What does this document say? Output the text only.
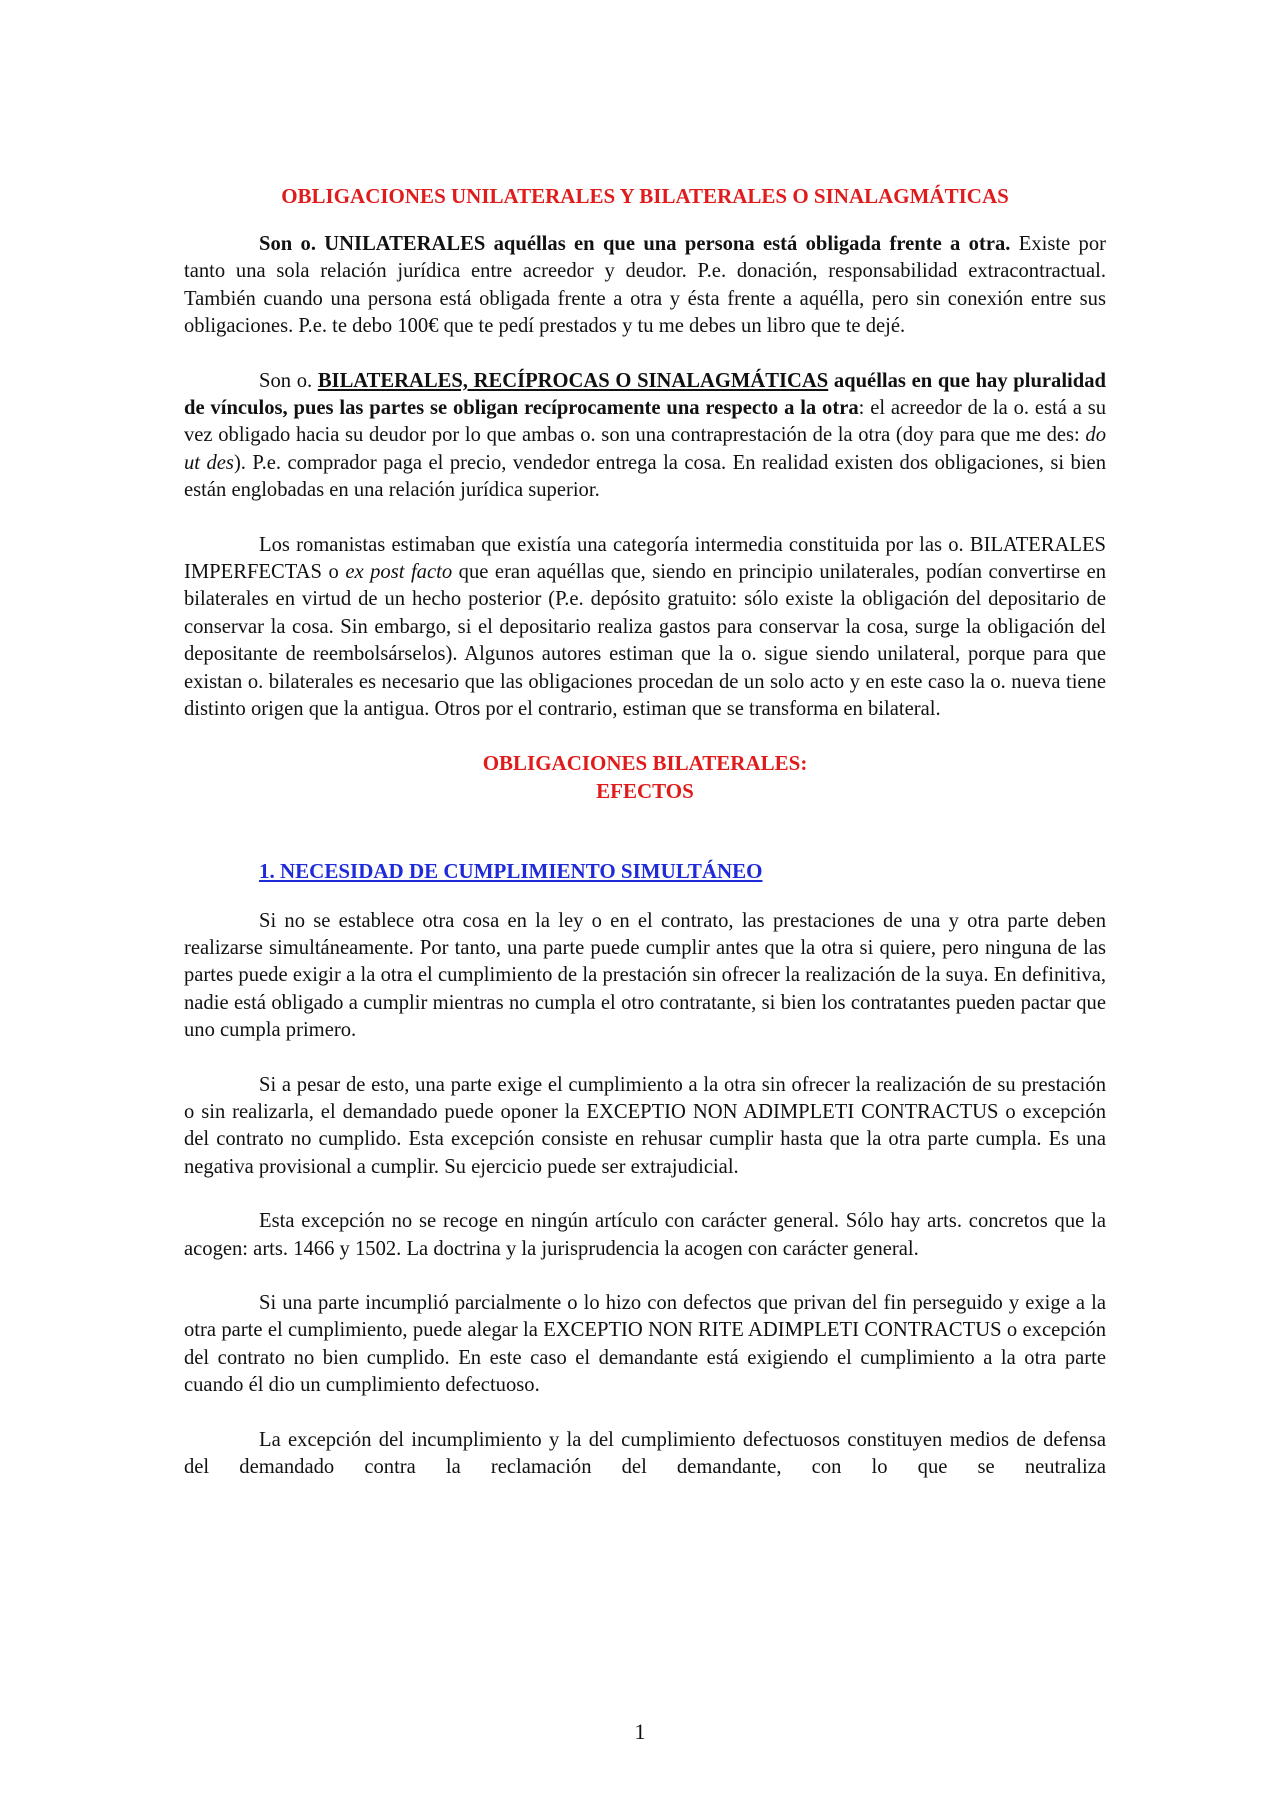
OBLIGACIONES UNILATERALES Y BILATERALES O SINALAGMÁTICAS

Son o. UNILATERALES aquéllas en que una persona está obligada frente a otra. Existe por tanto una sola relación jurídica entre acreedor y deudor. P.e. donación, responsabilidad extracontractual. También cuando una persona está obligada frente a otra y ésta frente a aquélla, pero sin conexión entre sus obligaciones. P.e. te debo 100€ que te pedí prestados y tu me debes un libro que te dejé.

Son o. BILATERALES, RECÍPROCAS O SINALAGMÁTICAS aquéllas en que hay pluralidad de vínculos, pues las partes se obligan recíprocamente una respecto a la otra: el acreedor de la o. está a su vez obligado hacia su deudor por lo que ambas o. son una contraprestación de la otra (doy para que me des: do ut des). P.e. comprador paga el precio, vendedor entrega la cosa. En realidad existen dos obligaciones, si bien están englobadas en una relación jurídica superior.

Los romanistas estimaban que existía una categoría intermedia constituida por las o. BILATERALES IMPERFECTAS o ex post facto que eran aquéllas que, siendo en principio unilaterales, podían convertirse en bilaterales en virtud de un hecho posterior (P.e. depósito gratuito: sólo existe la obligación del depositario de conservar la cosa. Sin embargo, si el depositario realiza gastos para conservar la cosa, surge la obligación del depositante de reembolsárselos). Algunos autores estiman que la o. sigue siendo unilateral, porque para que existan o. bilaterales es necesario que las obligaciones procedan de un solo acto y en este caso la o. nueva tiene distinto origen que la antigua. Otros por el contrario, estiman que se transforma en bilateral.

OBLIGACIONES BILATERALES:
EFECTOS
1. NECESIDAD DE CUMPLIMIENTO SIMULTÁNEO

Si no se establece otra cosa en la ley o en el contrato, las prestaciones de una y otra parte deben realizarse simultáneamente. Por tanto, una parte puede cumplir antes que la otra si quiere, pero ninguna de las partes puede exigir a la otra el cumplimiento de la prestación sin ofrecer la realización de la suya. En definitiva, nadie está obligado a cumplir mientras no cumpla el otro contratante, si bien los contratantes pueden pactar que uno cumpla primero.

Si a pesar de esto, una parte exige el cumplimiento a la otra sin ofrecer la realización de su prestación o sin realizarla, el demandado puede oponer la EXCEPTIO NON ADIMPLETI CONTRACTUS o excepción del contrato no cumplido. Esta excepción consiste en rehusar cumplir hasta que la otra parte cumpla. Es una negativa provisional a cumplir. Su ejercicio puede ser extrajudicial.

Esta excepción no se recoge en ningún artículo con carácter general. Sólo hay arts. concretos que la acogen: arts. 1466 y 1502. La doctrina y la jurisprudencia la acogen con carácter general.

Si una parte incumplió parcialmente o lo hizo con defectos que privan del fin perseguido y exige a la otra parte el cumplimiento, puede alegar la EXCEPTIO NON RITE ADIMPLETI CONTRACTUS o excepción del contrato no bien cumplido. En este caso el demandante está exigiendo el cumplimiento a la otra parte cuando él dio un cumplimiento defectuoso.

La excepción del incumplimiento y la del cumplimiento defectuosos constituyen medios de defensa del demandado contra la reclamación del demandante, con lo que se neutraliza

1
